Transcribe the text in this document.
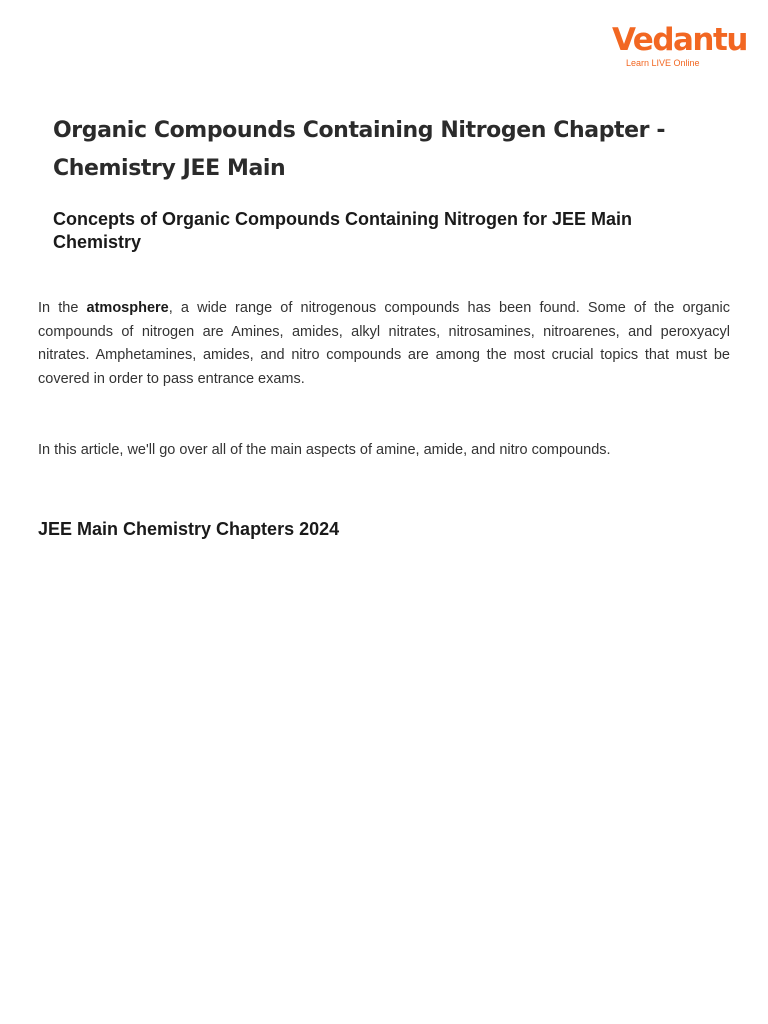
Vedantu
Learn LIVE Online
Organic Compounds Containing Nitrogen Chapter - Chemistry JEE Main
Concepts of Organic Compounds Containing Nitrogen for JEE Main Chemistry

In the atmosphere, a wide range of nitrogenous compounds has been found. Some of the organic compounds of nitrogen are Amines, amides, alkyl nitrates, nitrosamines, nitroarenes, and peroxyacyl nitrates. Amphetamines, amides, and nitro compounds are among the most crucial topics that must be covered in order to pass entrance exams.

In this article, we'll go over all of the main aspects of amine, amide, and nitro compounds.

JEE Main Chemistry Chapters 2024
